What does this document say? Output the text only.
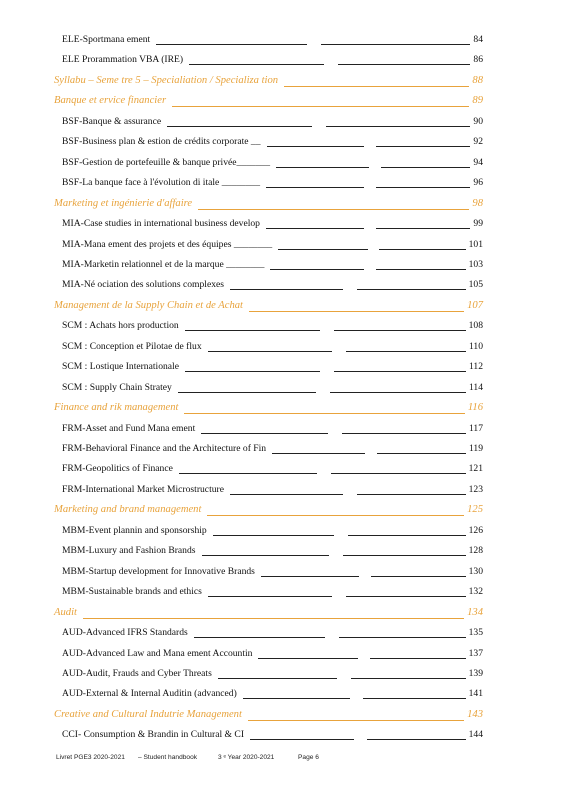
ELE-Sportmana ement	84
ELE Prorammation VBA (IRE)	86
Syllabu – Seme tre 5 – Specialiation / Specializa tion	88
Banque et ervice financier	89
BSF-Banque & assurance	90
BSF-Business plan & estion de crédits corporate __	92
BSF-Gestion de portefeuille & banque privée_______	94
BSF-La banque face à l'évolution di itale ________	96
Marketing et ingénierie d'affaire	98
MIA-Case studies in international business develop	99
MIA-Mana ement des projets et des équipes ________	101
MIA-Marketin relationnel et de la marque ________	103
MIA-Né ociation des solutions complexes	105
Management de la Supply Chain et de Achat	107
SCM : Achats hors production	108
SCM : Conception et Pilotae de flux	110
SCM : Lostique Internationale	112
SCM : Supply Chain Stratey	114
Finance and rik management	116
FRM-Asset and Fund Mana ement	117
FRM-Behavioral Finance and the Architecture of Fin	119
FRM-Geopolitics of Finance	121
FRM-International Market Microstructure	123
Marketing and brand management	125
MBM-Event plannin and sponsorship	126
MBM-Luxury and Fashion Brands	128
MBM-Startup development for Innovative Brands	130
MBM-Sustainable brands and ethics	132
Audit	134
AUD-Advanced IFRS Standards	135
AUD-Advanced Law and Mana ement Accountin	137
AUD-Audit, Frauds and Cyber Threats	139
AUD-External & Internal Auditin (advanced)	141
Creative and Cultural Indutrie Management	143
CCI- Consumption & Brandin in Cultural & CI	144
Livret PGE3 2020-2021 – Student handbook	3 ᵉ Year 2020-2021	Page 6
